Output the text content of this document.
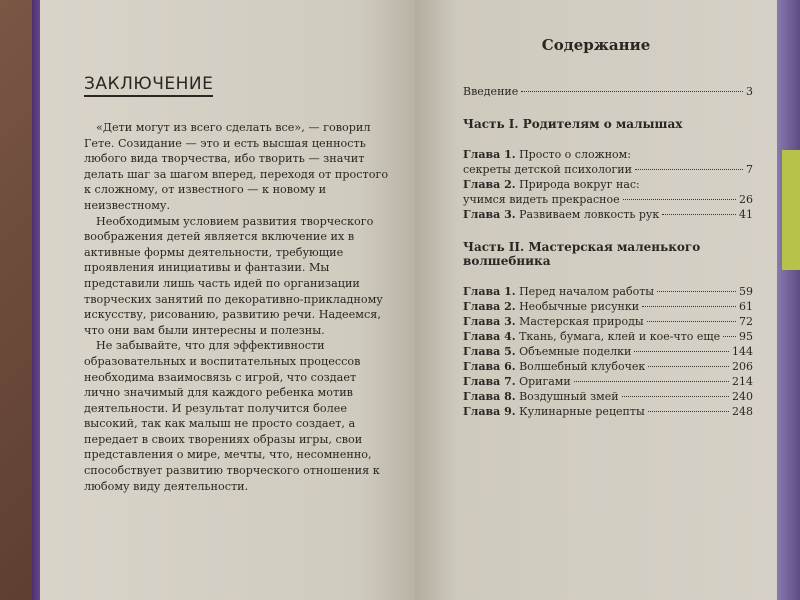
ЗАКЛЮЧЕНИЕ

«Дети могут из всего сделать все», — говорил Гете. Созидание — это и есть высшая ценность любого вида творчества, ибо творить — значит делать шаг за шагом вперед, переходя от простого к сложному, от известного — к новому и неизвестному.

Необходимым условием развития творческого воображения детей является включение их в активные формы деятельности, требующие проявления инициативы и фантазии. Мы представили лишь часть идей по организации творческих занятий по декоративно-прикладному искусству, рисованию, развитию речи. Надеемся, что они вам были интересны и полезны.

Не забывайте, что для эффективности образовательных и воспитательных процессов необходима взаимосвязь с игрой, что создает лично значимый для каждого ребенка мотив деятельности. И результат получится более высокий, так как малыш не просто создает, а передает в своих творениях образы игры, свои представления о мире, мечты, что, несомненно, способствует развитию творческого отношения к любому виду деятельности.

Содержание
Введение	3
Часть I. Родителям о малышах
Глава 1. Просто о сложном:
секреты детской психологии	7
Глава 2. Природа вокруг нас:
учимся видеть прекрасное	26
Глава 3. Развиваем ловкость рук	41
Часть II. Мастерская маленького волшебника
Глава 1. Перед началом работы	59
Глава 2. Необычные рисунки	61
Глава 3. Мастерская природы	72
Глава 4. Ткань, бумага, клей и кое-что еще 95
Глава 5. Объемные поделки	144
Глава 6. Волшебный клубочек	206
Глава 7. Оригами	214
Глава 8. Воздушный змей	240
Глава 9. Кулинарные рецепты	248
